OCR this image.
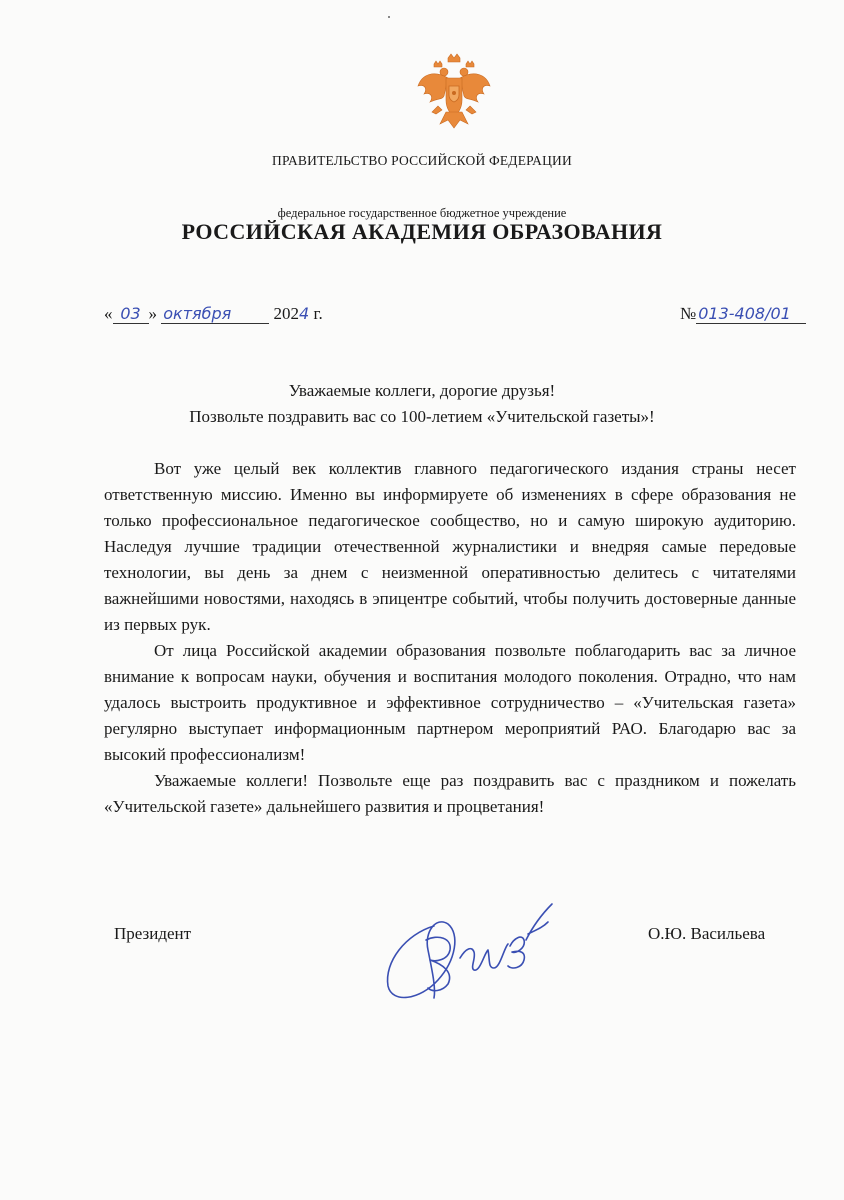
ПРАВИТЕЛЬСТВО РОССИЙСКОЙ ФЕДЕРАЦИИ
федеральное государственное бюджетное учреждение
РОССИЙСКАЯ АКАДЕМИЯ ОБРАЗОВАНИЯ
« 03 » октября 2024 г.	№ 013-408/01
Уважаемые коллеги, дорогие друзья!
Позвольте поздравить вас со 100-летием «Учительской газеты»!

Вот уже целый век коллектив главного педагогического издания страны несет ответственную миссию. Именно вы информируете об изменениях в сфере образования не только профессиональное педагогическое сообщество, но и самую широкую аудиторию. Наследуя лучшие традиции отечественной журналистики и внедряя самые передовые технологии, вы день за днем с неизменной оперативностью делитесь с читателями важнейшими новостями, находясь в эпицентре событий, чтобы получить достоверные данные из первых рук.

От лица Российской академии образования позвольте поблагодарить вас за личное внимание к вопросам науки, обучения и воспитания молодого поколения. Отрадно, что нам удалось выстроить продуктивное и эффективное сотрудничество – «Учительская газета» регулярно выступает информационным партнером мероприятий РАО. Благодарю вас за высокий профессионализм!

Уважаемые коллеги! Позвольте еще раз поздравить вас с праздником и пожелать «Учительской газете» дальнейшего развития и процветания!

Президент	О.Ю. Васильева
